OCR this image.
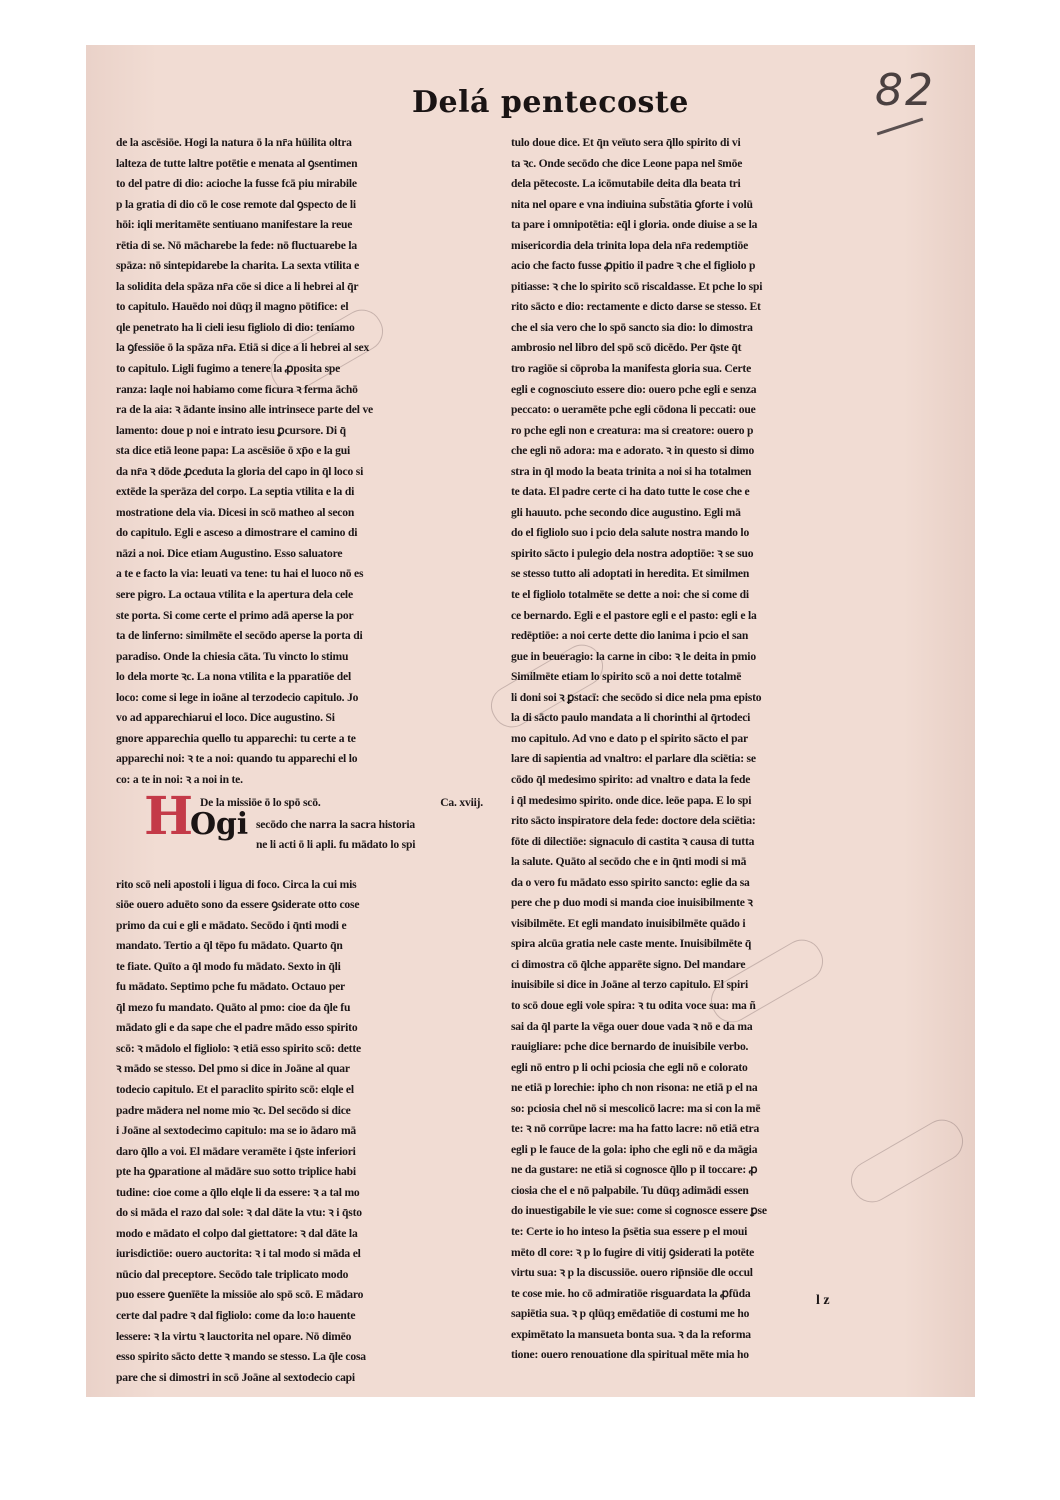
82
Delá pentecoste
de la ascēsiōe. Hogi la natura ō la nr̄a hūilita oltra
lalteza de tutte laltre potētie e menata al ꝯsentimen
to del patre di dio: acioche la fusse fcā piu mirabile
p la gratia di dio cō le cose remote dal ꝯspecto de li
hōi: iqli meritamēte sentiuano manifestare la reue
rētia di se. Nō mācharebe la fede: nō fluctuarebe la
spāza: nō sintepidarebe la charita. La sexta vtilita e
la solidita dela spāza nr̄a cōe si dice a li hebrei al q̄r
to capitulo. Hauēdo noi dūqȝ il magno pōtifice: el
qle penetrato ha li cieli iesu figliolo di dio: teniamo
la ꝯfessiōe ō la spāza nr̄a. Etiā si dice a li hebrei al sex
to capitulo. Ligli fugimo a tenere la ꝓposita spe
ranza: laqle noi habiamo come ficura ꝛ ferma āchō
ra de la aia: ꝛ ādante insino alle intrinsece parte del ve
lamento: doue p noi e intrato iesu ꝑcursore. Di q̄
sta dice etiā leone papa: La ascēsiōe ō xp̄o e la gui
da nr̄a ꝛ dōde ꝓceduta la gloria del capo in q̄l loco si
extēde la sperāza del corpo. La septia vtilita e la di
mostratione dela via. Dicesi in scō matheo al secon
do capitulo. Egli e asceso a dimostrare el camino di
nāzi a noi. Dice etiam Augustino. Esso saluatore
a te e facto la via: leuati va tene: tu hai el luoco nō es
sere pigro. La octaua vtilita e la apertura dela cele
ste porta. Si come certe el primo adā aperse la por
ta de linferno: similmēte el secōdo aperse la porta di
paradiso. Onde la chiesia cāta. Tu vincto lo stimu
lo dela morte ꝛc. La nona vtilita e la pparatiōe del
loco: come si lege in ioāne al terzodecio capitulo. Jo
vo ad apparechiarui el loco. Dice augustino. Si
gnore apparechia quello tu apparechi: tu certe a te
apparechi noi: ꝛ te a noi: quando tu apparechi el lo
co: a te in noi: ꝛ a noi in te.
De la missiōe ō lo spō scō.	Ca. xviij.
H
Ogi secōdo che narra la sacra historia
ne li acti ō li apli. fu mādato lo spi
rito scō neli apostoli i ligua di foco. Circa la cui mis
siōe ouero aduēto sono da essere ꝯsiderate otto cose
primo da cui e gli e mādato. Secōdo i q̄nti modi e
mandato. Tertio a q̄l tēpo fu mādato. Quarto q̄n
te fiate. Quīto a q̄l modo fu mādato. Sexto in q̄li
fu mādato. Septimo pche fu mādato. Octauo per
q̄l mezo fu mandato. Quāto al pmo: cioe da q̄le fu
mādato gli e da sape che el padre mādo esso spirito
scō: ꝛ mādolo el figliolo: ꝛ etiā esso spirito scō: dette
ꝛ mādo se stesso. Del pmo si dice in Joāne al quar
todecio capitulo. Et el paraclito spirito scō: elqle el
padre mādera nel nome mio ꝛc. Del secōdo si dice
i Joāne al sextodecimo capitulo: ma se io ādaro mā
daro q̄llo a voi. El mādare veramēte i q̄ste inferiori
pte ha ꝯparatione al mādāre suo sotto triplice habi
tudine: cioe come a q̄llo elqle li da essere: ꝛ a tal mo
do si māda el razo dal sole: ꝛ dal dāte la vtu: ꝛ i q̄sto
modo e mādato el colpo dal giettatore: ꝛ dal dāte la
iurisdictiōe: ouero auctorita: ꝛ i tal modo si māda el
nūcio dal preceptore. Secōdo tale triplicato modo
puo essere ꝯuenīēte la missiōe alo spō scō. E mādaro
certe dal padre ꝛ dal figliolo: come da lo:o hauente
lessere: ꝛ la virtu ꝛ lauctorita nel opare. Nō dimēo
esso spirito sācto dette ꝛ mando se stesso. La q̄le cosa
pare che si dimostri in scō Joāne al sextodecio capi
tulo doue dice. Et q̄n veīuto sera q̄llo spirito di vi
ta ꝛc. Onde secōdo che dice Leone papa nel s̄mōe
dela pētecoste. La icōmutabile deita dla beata tri
nita nel opare e vna indiuina sub̄stātia ꝯforte i volū
ta pare i omnipotētia: eq̄l i gloria. onde diuise a se la
misericordia dela trinita lopa dela nr̄a redemptiōe
acio che facto fusse ꝓpitio il padre ꝛ che el figliolo p
pitiasse: ꝛ che lo spirito scō riscaldasse. Et pche lo spi
rito sācto e dio: rectamente e dicto darse se stesso. Et
che el sia vero che lo spō sancto sia dio: lo dimostra
ambrosio nel libro del spō scō dicēdo. Per q̄ste q̄t
tro ragiōe si cōproba la manifesta gloria sua. Certe
egli e cognosciuto essere dio: ouero pche egli e senza
peccato: o ueramēte pche egli cōdona li peccati: oue
ro pche egli non e creatura: ma si creatore: ouero p
che egli nō adora: ma e adorato. ꝛ in questo si dimo
stra in q̄l modo la beata trinita a noi si ha totalmen
te data. El padre certe ci ha dato tutte le cose che e
gli hauuto. pche secondo dice augustino. Egli mā
do el figliolo suo i pcio dela salute nostra mando lo
spirito sācto i pulegio dela nostra adoptiōe: ꝛ se suo
se stesso tutto ali adoptati in heredita. Et similmen
te el figliolo totalmēte se dette a noi: che si come di
ce bernardo. Egli e el pastore egli e el pasto: egli e la
redēptiōe: a noi certe dette dio lanima i pcio el san
gue in beueragio: la carne in cibo: ꝛ le deita in pmio
Similmēte etiam lo spirito scō a noi dette totalmē
li doni soi ꝛ ꝑstacī: che secōdo si dice nela pma episto
la di sācto paulo mandata a li chorinthi al q̄rtodeci
mo capitulo. Ad vno e dato p el spirito sācto el par
lare di sapientia ad vnaltro: el parlare dla sciētia: se
cōdo q̄l medesimo spirito: ad vnaltro e data la fede
i q̄l medesimo spirito. onde dice. leōe papa. E lo spi
rito sācto inspiratore dela fede: doctore dela sciētia:
fōte di dilectiōe: signaculo di castita ꝛ causa di tutta
la salute. Quāto al secōdo che e in q̄nti modi si mā
da o vero fu mādato esso spirito sancto: eglie da sa
pere che p duo modi si manda cioe inuisibilmente ꝛ
visibilmēte. Et egli mandato inuisibilmēte quādo i
spira alcūa gratia nele caste mente. Inuisibilmēte q̄
ci dimostra cō q̄lche apparēte signo. Del mandare
inuisibile si dice in Joāne al terzo capitulo. El spiri
to scō doue egli vole spira: ꝛ tu odita voce sua: ma ñ
sai da q̄l parte la vēga ouer doue vada ꝛ nō e da ma
rauigliare: pche dice bernardo de inuisibile verbo.
egli nō entro p li ochi pciosia che egli nō e colorato
ne etiā p lorechie: ipho ch non risona: ne etiā p el na
so: pciosia chel nō si mescolicō lacre: ma si con la mē
te: ꝛ nō corrūpe lacre: ma ha fatto lacre: nō etiā etra
egli p le fauce de la gola: ipho che egli nō e da māgia
ne da gustare: ne etiā si cognosce q̄llo p il toccare: ꝓ
ciosia che el e nō palpabile. Tu dūqȝ adimādi essen
do inuestigabile le vie sue: come si cognosce essere ꝑse
te: Certe io ho inteso la p̄sētia sua essere p el moui
mēto dl core: ꝛ p lo fugire di vitij ꝯsiderati la potēte
virtu sua: ꝛ p la discussiōe. ouero rip̄nsiōe dle occul
te cose mie. ho cō admiratiōe risguardata la ꝓfūda
sapiētia sua. ꝛ p qlūqȝ emēdatiōe di costumi me ho
expimētato la mansueta bonta sua. ꝛ da la reforma
tione: ouero renouatione dla spiritual mēte mia ho
l z
